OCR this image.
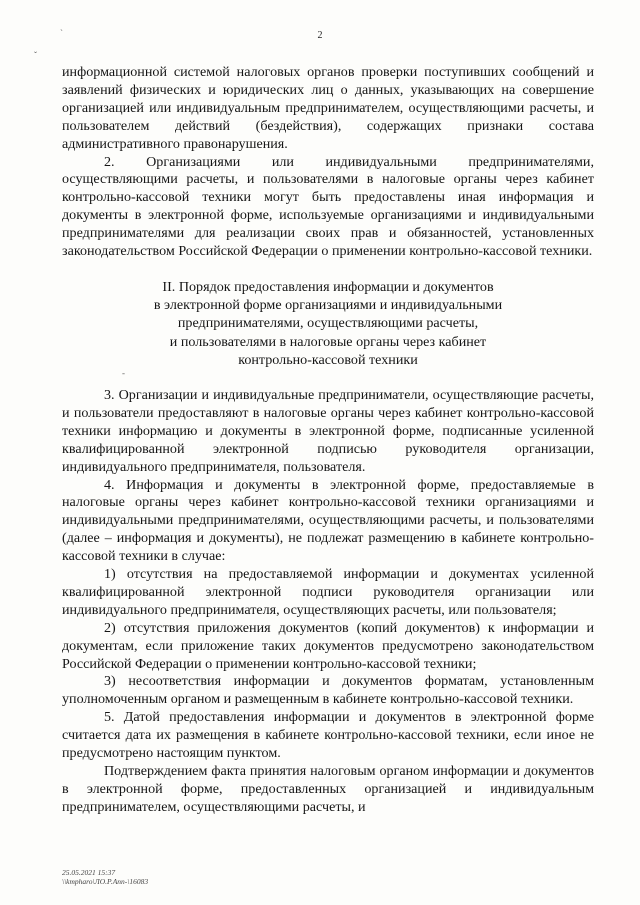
2
`
ˇ
-

информационной системой налоговых органов проверки поступивших сообщений и заявлений физических и юридических лиц о данных, указывающих на совершение организацией или индивидуальным предпринимателем, осуществляющими расчеты, и пользователем действий (бездействия), содержащих признаки состава административного правонарушения.

2. Организациями или индивидуальными предпринимателями, осуществляющими расчеты, и пользователями в налоговые органы через кабинет контрольно-кассовой техники могут быть предоставлены иная информация и документы в электронной форме, используемые организациями и индивидуальными предпринимателями для реализации своих прав и обязанностей, установленных законодательством Российской Федерации о применении контрольно-кассовой техники.

II. Порядок предоставления информации и документов
в электронной форме организациями и индивидуальными
предпринимателями, осуществляющими расчеты,
и пользователями в налоговые органы через кабинет
контрольно-кассовой техники

3. Организации и индивидуальные предприниматели, осуществляющие расчеты, и пользователи предоставляют в налоговые органы через кабинет контрольно-кассовой техники информацию и документы в электронной форме, подписанные усиленной квалифицированной электронной подписью руководителя организации, индивидуального предпринимателя, пользователя.

4. Информация и документы в электронной форме, предоставляемые в налоговые органы через кабинет контрольно-кассовой техники организациями и индивидуальными предпринимателями, осуществляющими расчеты, и пользователями (далее – информация и документы), не подлежат размещению в кабинете контрольно-кассовой техники в случае:

1) отсутствия на предоставляемой информации и документах усиленной квалифицированной электронной подписи руководителя организации или индивидуального предпринимателя, осуществляющих расчеты, или пользователя;

2) отсутствия приложения документов (копий документов) к информации и документам, если приложение таких документов предусмотрено законодательством Российской Федерации о применении контрольно-кассовой техники;

3) несоответствия информации и документов форматам, установленным уполномоченным органом и размещенным в кабинете контрольно-кассовой техники.

5. Датой предоставления информации и документов в электронной форме считается дата их размещения в кабинете контрольно-кассовой техники, если иное не предусмотрено настоящим пунктом.

Подтверждением факта принятия налоговым органом информации и документов в электронной форме, предоставленных организацией и индивидуальным предпринимателем, осуществляющими расчеты, и

25.05.2021 15:37
\\kmpharo\ЛО.Р.Ann-\16083
